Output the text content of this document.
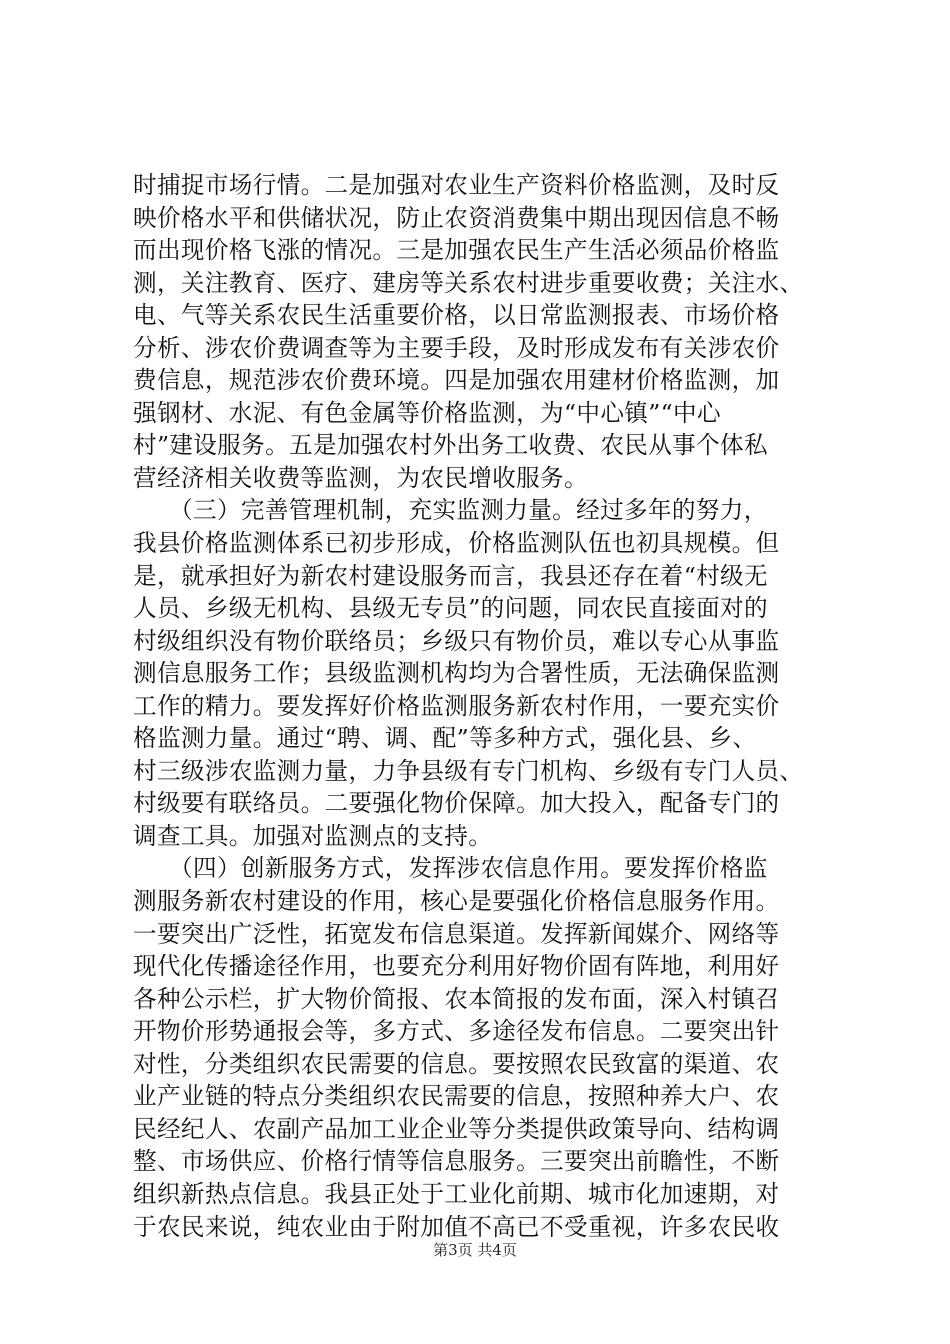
时捕捉市场行情。二是加强对农业生产资料价格监测，及时反
映价格水平和供储状况，防止农资消费集中期出现因信息不畅
而出现价格飞涨的情况。三是加强农民生产生活必须品价格监
测，关注教育、医疗、建房等关系农村进步重要收费；关注水、
电、气等关系农民生活重要价格，以日常监测报表、市场价格
分析、涉农价费调查等为主要手段，及时形成发布有关涉农价
费信息，规范涉农价费环境。四是加强农用建材价格监测，加
强钢材、水泥、有色金属等价格监测，为“中心镇”“中心
村”建设服务。五是加强农村外出务工收费、农民从事个体私
营经济相关收费等监测，为农民增收服务。
　　（三）完善管理机制，充实监测力量。经过多年的努力，
我县价格监测体系已初步形成，价格监测队伍也初具规模。但
是，就承担好为新农村建设服务而言，我县还存在着“村级无
人员、乡级无机构、县级无专员”的问题，同农民直接面对的
村级组织没有物价联络员；乡级只有物价员，难以专心从事监
测信息服务工作；县级监测机构均为合署性质，无法确保监测
工作的精力。要发挥好价格监测服务新农村作用，一要充实价
格监测力量。通过“聘、调、配”等多种方式，强化县、乡、
村三级涉农监测力量，力争县级有专门机构、乡级有专门人员、
村级要有联络员。二要强化物价保障。加大投入，配备专门的
调查工具。加强对监测点的支持。
　　（四）创新服务方式，发挥涉农信息作用。要发挥价格监
测服务新农村建设的作用，核心是要强化价格信息服务作用。
一要突出广泛性，拓宽发布信息渠道。发挥新闻媒介、网络等
现代化传播途径作用，也要充分利用好物价固有阵地，利用好
各种公示栏，扩大物价简报、农本简报的发布面，深入村镇召
开物价形势通报会等，多方式、多途径发布信息。二要突出针
对性，分类组织农民需要的信息。要按照农民致富的渠道、农
业产业链的特点分类组织农民需要的信息，按照种养大户、农
民经纪人、农副产品加工业企业等分类提供政策导向、结构调
整、市场供应、价格行情等信息服务。三要突出前瞻性，不断
组织新热点信息。我县正处于工业化前期、城市化加速期，对
于农民来说，纯农业由于附加值不高已不受重视，许多农民收
第3页 共4页
